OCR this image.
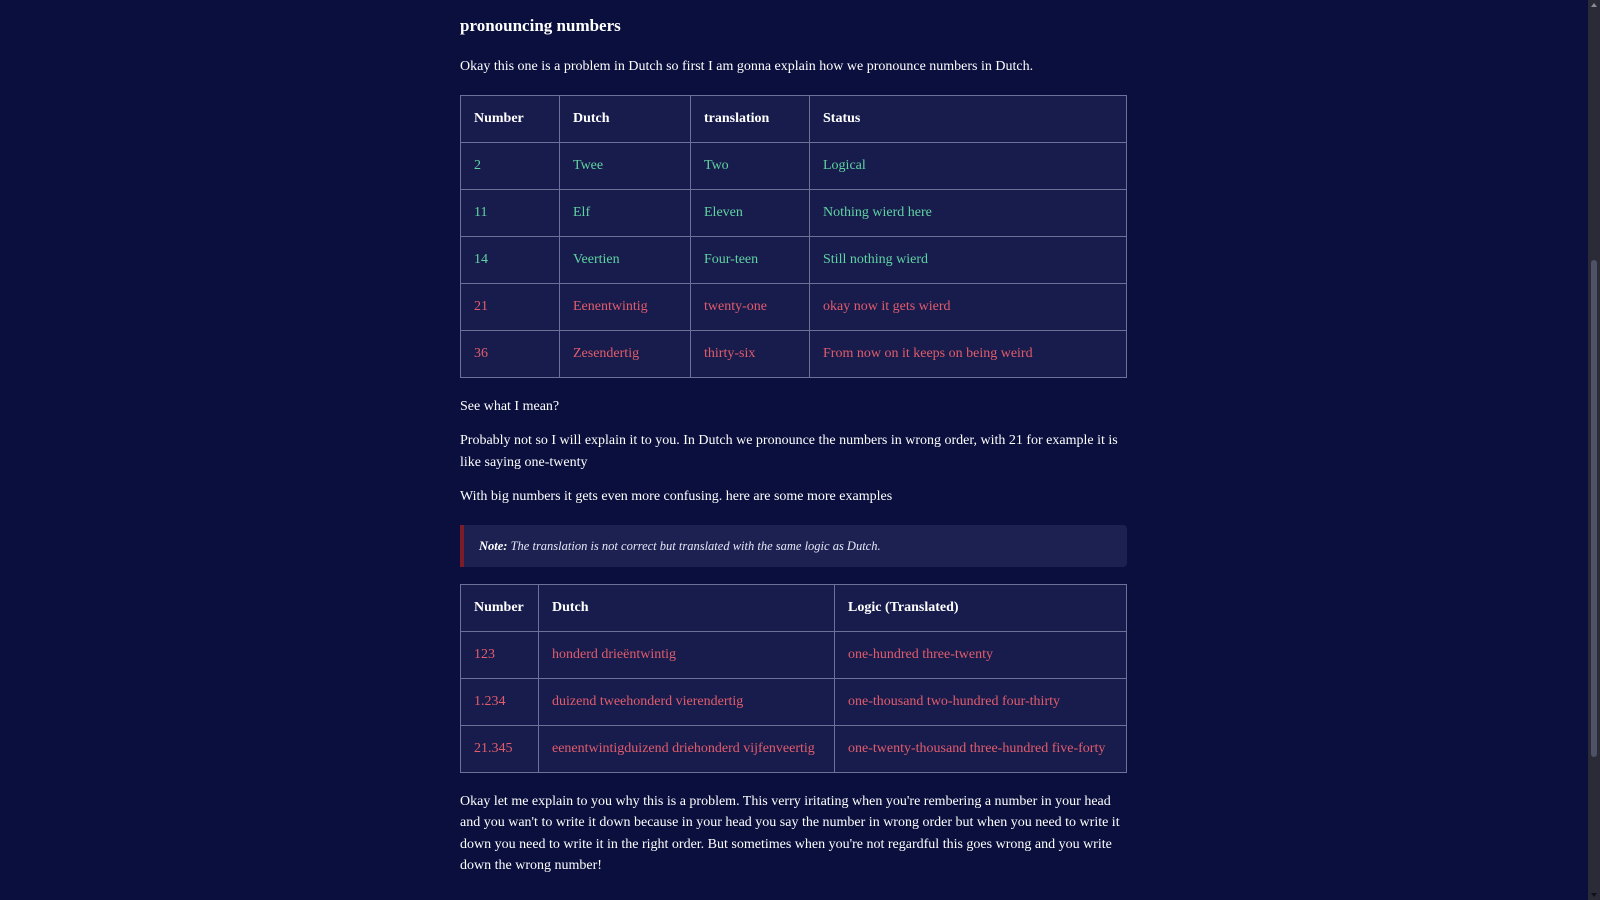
pronouncing numbers

Okay this one is a problem in Dutch so first I am gonna explain how we pronounce numbers in Dutch.

Number	Dutch	translation	Status
2	Twee	Two	Logical
11	Elf	Eleven	Nothing wierd here
14	Veertien	Four-teen	Still nothing wierd
21	Eenentwintig	twenty-one	okay now it gets wierd
36	Zesendertig	thirty-six	From now on it keeps on being weird

See what I mean?

Probably not so I will explain it to you. In Dutch we pronounce the numbers in wrong order, with 21 for example it is like saying one-twenty

With big numbers it gets even more confusing. here are some more examples

Note: The translation is not correct but translated with the same logic as Dutch.
Number	Dutch	Logic (Translated)
123	honderd drieëntwintig	one-hundred three-twenty
1.234	duizend tweehonderd vierendertig	one-thousand two-hundred four-thirty
21.345	eenentwintigduizend driehonderd vijfenveertig	one-twenty-thousand three-hundred five-forty

Okay let me explain to you why this is a problem. This verry iritating when you're rembering a number in your head and you wan't to write it down because in your head you say the number in wrong order but when you need to write it down you need to write it in the right order. But sometimes when you're not regardful this goes wrong and you write down the wrong number!
